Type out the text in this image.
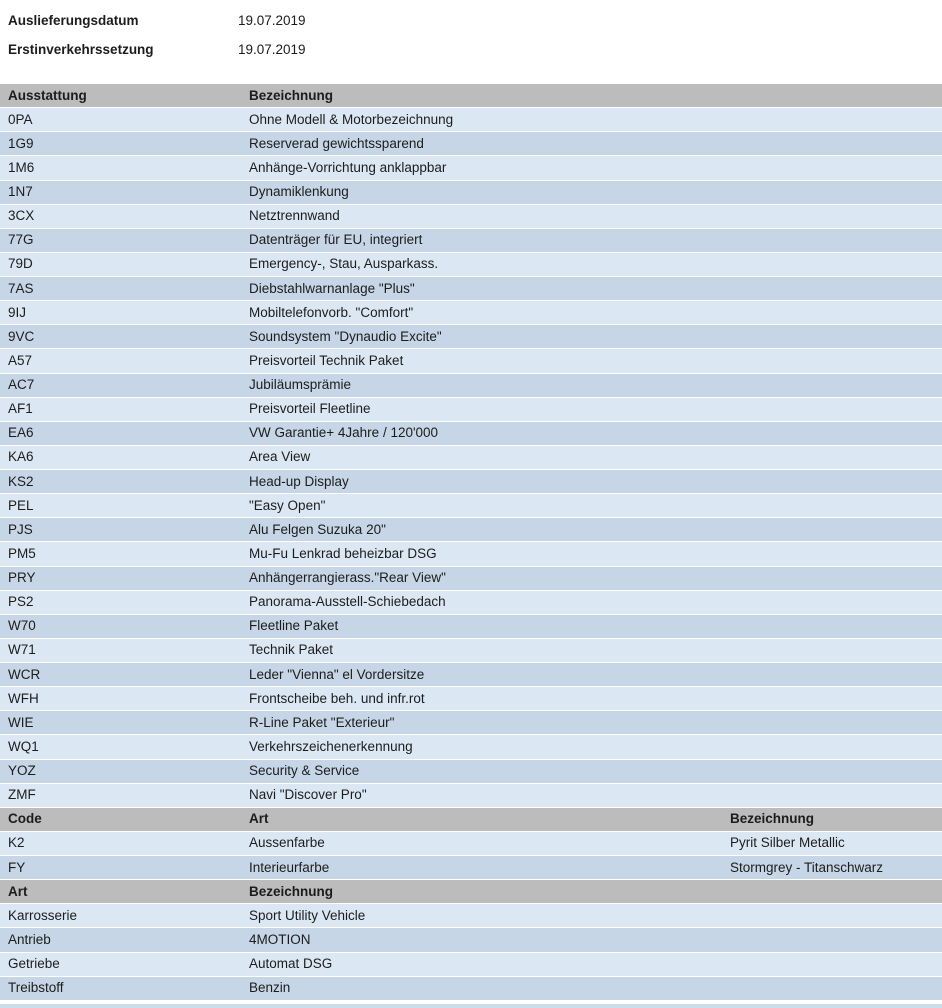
Auslieferungsdatum	19.07.2019
Erstinverkehrssetzung	19.07.2019
Ausstattung	Bezeichnung
0PA	Ohne Modell & Motorbezeichnung
1G9	Reserverad gewichtssparend
1M6	Anhänge-Vorrichtung anklappbar
1N7	Dynamiklenkung
3CX	Netztrennwand
77G	Datenträger für EU, integriert
79D	Emergency-, Stau, Ausparkass.
7AS	Diebstahlwarnanlage "Plus"
9IJ	Mobiltelefonvorb. "Comfort"
9VC	Soundsystem "Dynaudio Excite"
A57	Preisvorteil Technik Paket
AC7	Jubiläumsprämie
AF1	Preisvorteil Fleetline
EA6	VW Garantie+ 4Jahre / 120'000
KA6	Area View
KS2	Head-up Display
PEL	"Easy Open"
PJS	Alu Felgen Suzuka 20"
PM5	Mu-Fu Lenkrad beheizbar DSG
PRY	Anhängerrangierass."Rear View"
PS2	Panorama-Ausstell-Schiebedach
W70	Fleetline Paket
W71	Technik Paket
WCR	Leder "Vienna" el Vordersitze
WFH	Frontscheibe beh. und infr.rot
WIE	R-Line Paket "Exterieur"
WQ1	Verkehrszeichenerkennung
YOZ	Security & Service
ZMF	Navi "Discover Pro"
Code	Art	Bezeichnung
K2	Aussenfarbe	Pyrit Silber Metallic
FY	Interieurfarbe	Stormgrey - Titanschwarz
Art	Bezeichnung
Karrosserie	Sport Utility Vehicle
Antrieb	4MOTION
Getriebe	Automat DSG
Treibstoff	Benzin
